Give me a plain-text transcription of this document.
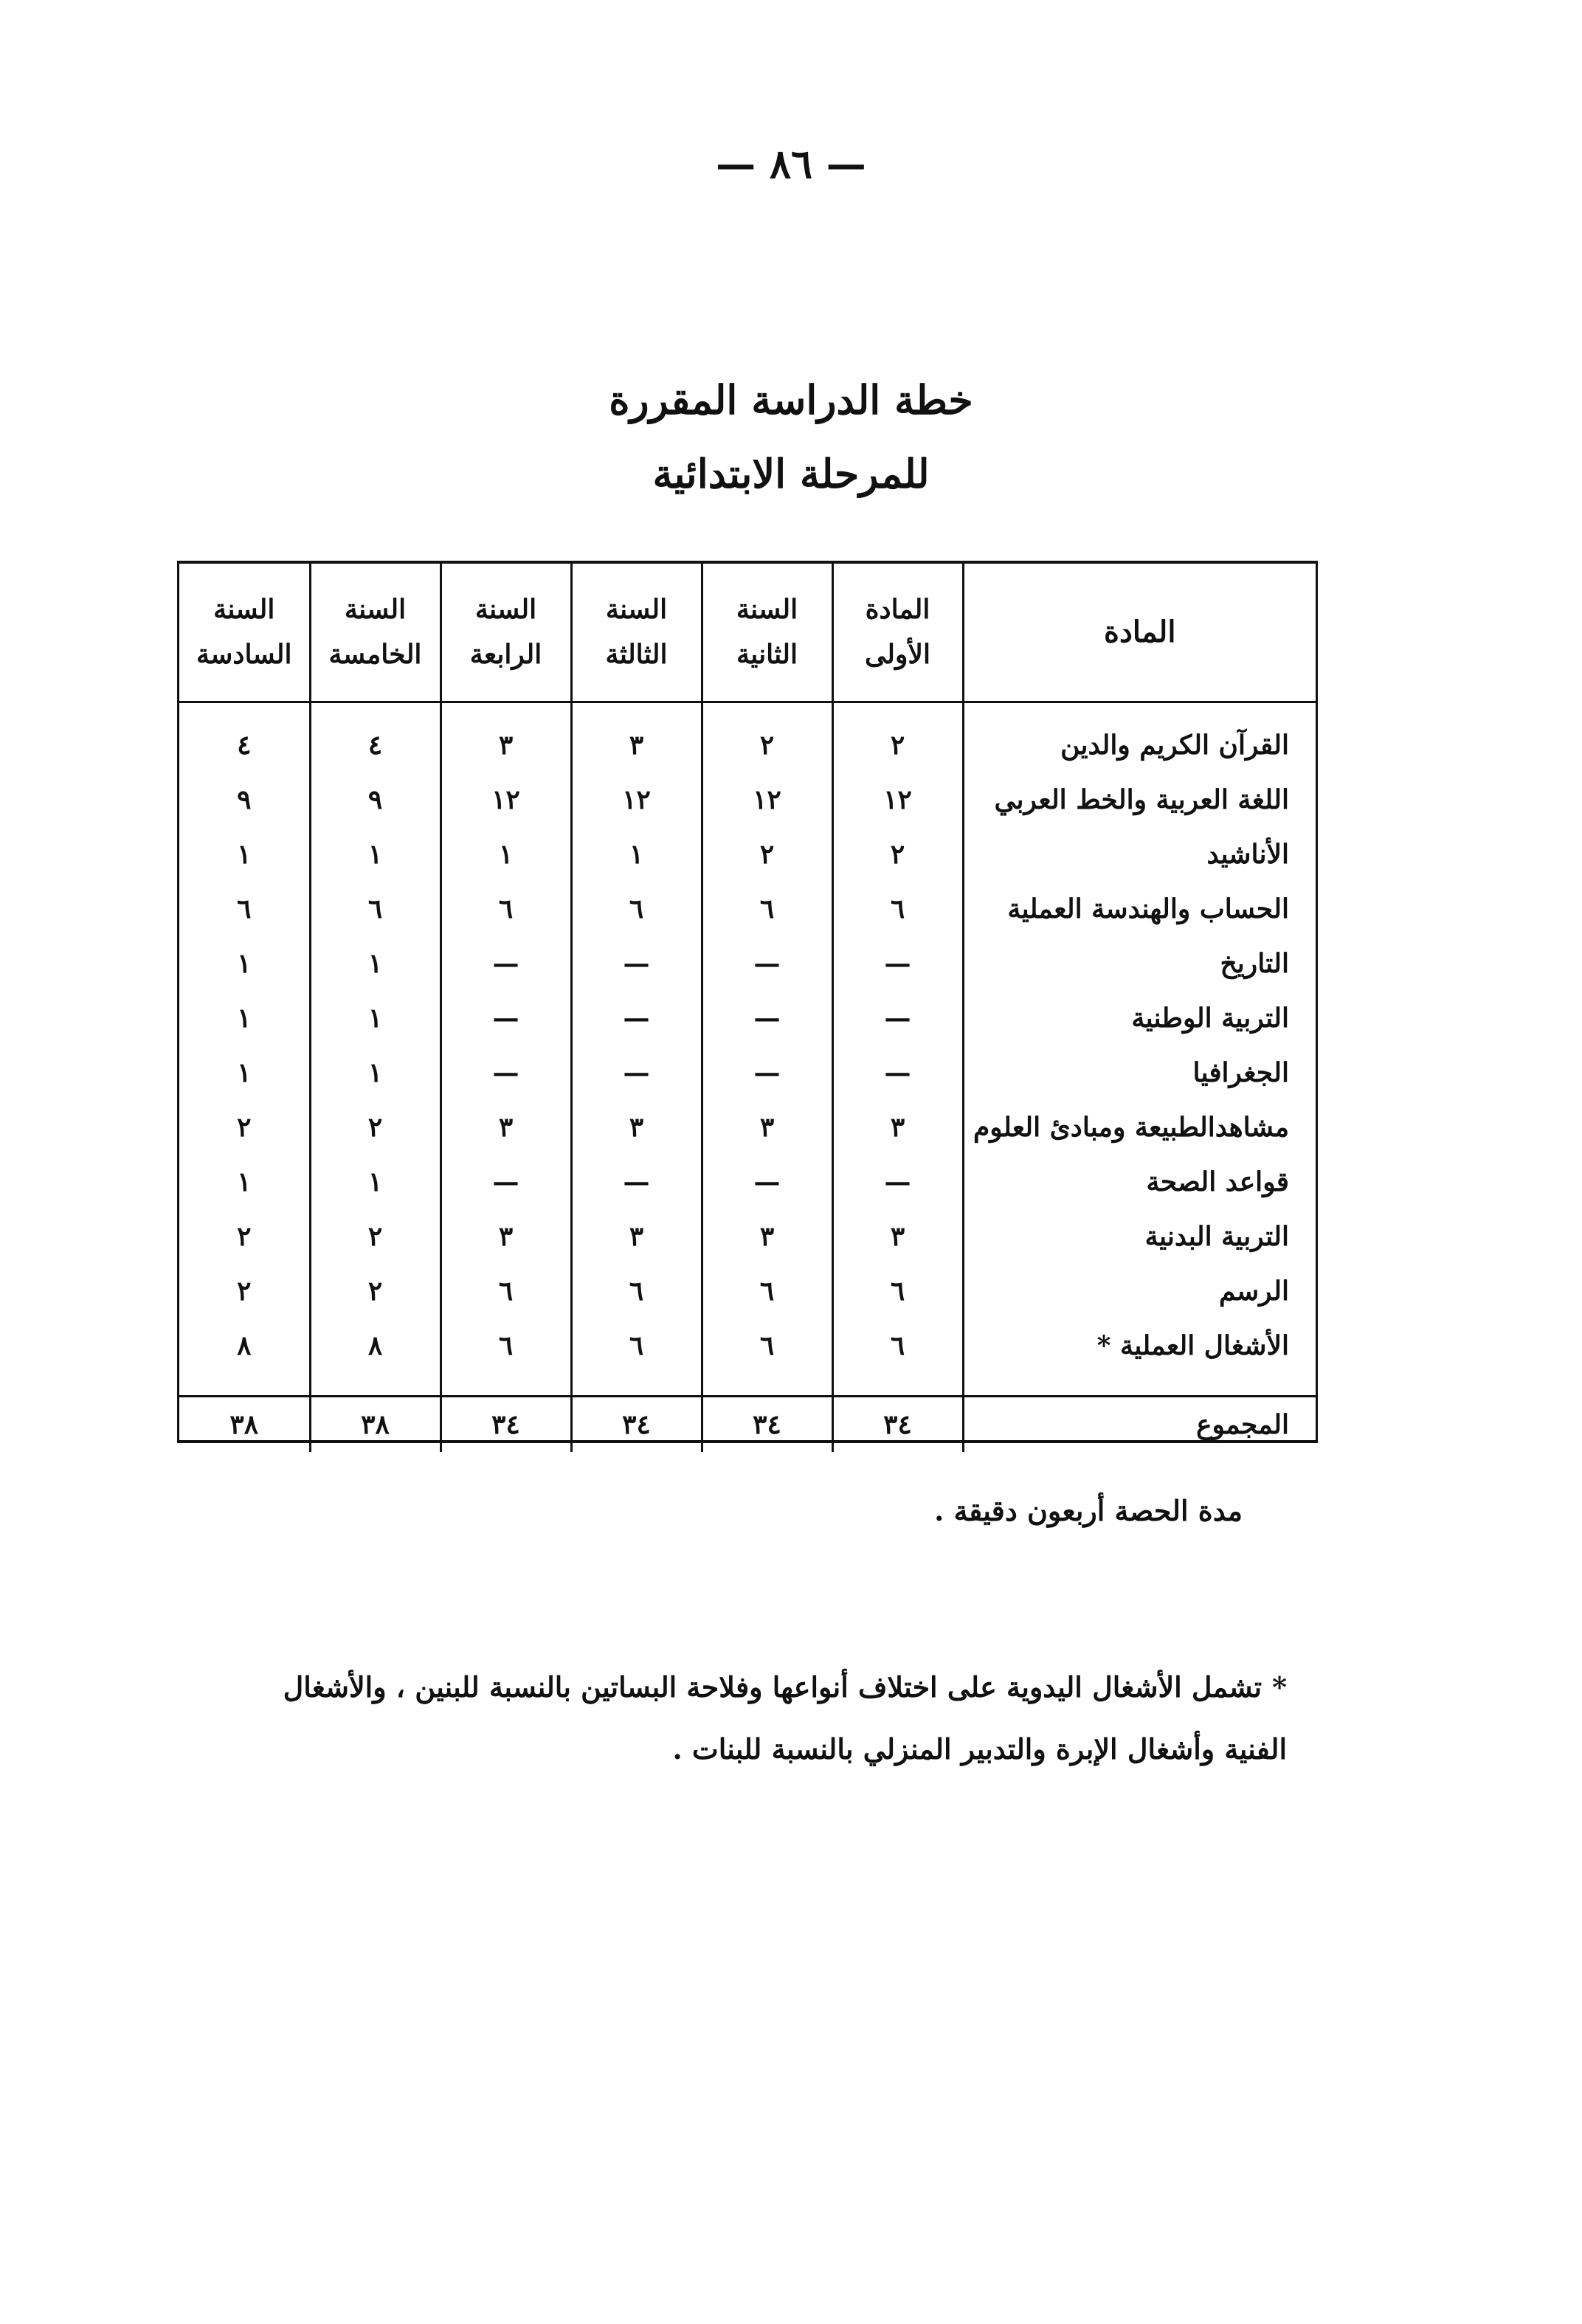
— ٨٦ —
خطة الدراسة المقررة
للمرحلة الابتدائية
المادة	المادة الأولى	السنة الثانية	السنة الثالثة	السنة الرابعة	السنة الخامسة	السنة السادسة
القرآن الكريم والدين	٢	٢	٣	٣	٤	٤
اللغة العربية والخط العربي	١٢	١٢	١٢	١٢	٩	٩
الأناشيد	٢	٢	١	١	١	١
الحساب والهندسة العملية	٦	٦	٦	٦	٦	٦
التاريخ	—	—	—	—	١	١
التربية الوطنية	—	—	—	—	١	١
الجغرافيا	—	—	—	—	١	١
مشاهدالطبيعة ومبادئ العلوم	٣	٣	٣	٣	٢	٢
قواعد الصحة	—	—	—	—	١	١
التربية البدنية	٣	٣	٣	٣	٢	٢
الرسم	٦	٦	٦	٦	٢	٢
الأشغال العملية *	٦	٦	٦	٦	٨	٨

المجموع	٣٤	٣٤	٣٤	٣٤	٣٨	٣٨
مدة الحصة أربعون دقيقة .
*تشمل الأشغال اليدوية على اختلاف أنواعها وفلاحة البساتين بالنسبة للبنين ، والأشغال
الفنية وأشغال الإبرة والتدبير المنزلي بالنسبة للبنات .
